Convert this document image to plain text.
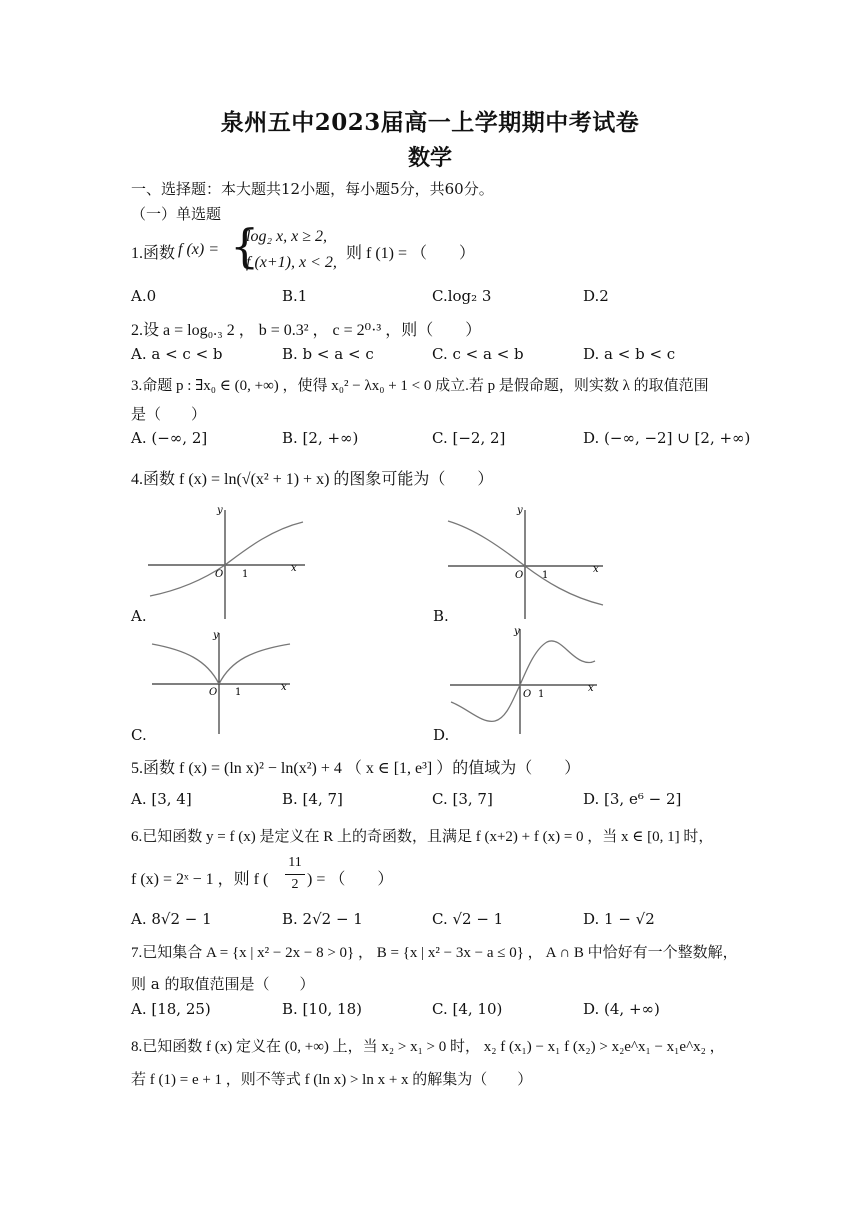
泉州五中2023届高一上学期期中考试卷
数学
一、选择题：本大题共12小题，每小题5分，共60分。
（一）单选题
1.函数 f (x) = {
log₂ x, x ≥ 2,
f (x+1), x < 2,
则 f (1) = （　　）
A.0	B.1	C.log₂ 3	D.2
2.设 a = log₀.₃ 2 ， b = 0.3² ， c = 2⁰·³ ，则（　　）
A. a < c < b	B. b < a < c	C. c < a < b	D. a < b < c
3.命题 p : ∃x₀ ∈ (0, +∞) ，使得 x₀² − λx₀ + 1 < 0 成立.若 p 是假命题，则实数 λ 的取值范围
是（　　）
A. (−∞, 2]	B. [2, +∞)	C. [−2, 2]	D. (−∞, −2] ∪ [2, +∞)
4.函数 f (x) = ln(√(x² + 1) + x) 的图象可能为（　　）
y
O 1
x
A.
y
O 1
x
B.
y
O 1	x
C.
y
O 1
x
D.
5.函数 f (x) = (ln x)² − ln(x²) + 4 （ x ∈ [1, e³] ）的值域为（　　）
A. [3, 4]	B. [4, 7]	C. [3, 7]	D. [3, e⁶ − 2]
6.已知函数 y = f (x) 是定义在 R 上的奇函数，且满足 f (x+2) + f (x) = 0 ，当 x ∈ [0, 1] 时，
f (x) = 2ˣ − 1 ，则 f (
11
2 ) = （　　）
A. 8√2 − 1	B. 2√2 − 1	C. √2 − 1	D. 1 − √2
7.已知集合 A = {x | x² − 2x − 8 > 0} ， B = {x | x² − 3x − a ≤ 0} ， A ∩ B 中恰好有一个整数解，
则 a 的取值范围是（　　）
A. [18, 25)	B. [10, 18)	C. [4, 10)	D. (4, +∞)
8.已知函数 f (x) 定义在 (0, +∞) 上，当 x₂ > x₁ > 0 时， x₂ f (x₁) − x₁ f (x₂) > x₂e^x₁ − x₁e^x₂ ，
若 f (1) = e + 1 ，则不等式 f (ln x) > ln x + x 的解集为（　　）
